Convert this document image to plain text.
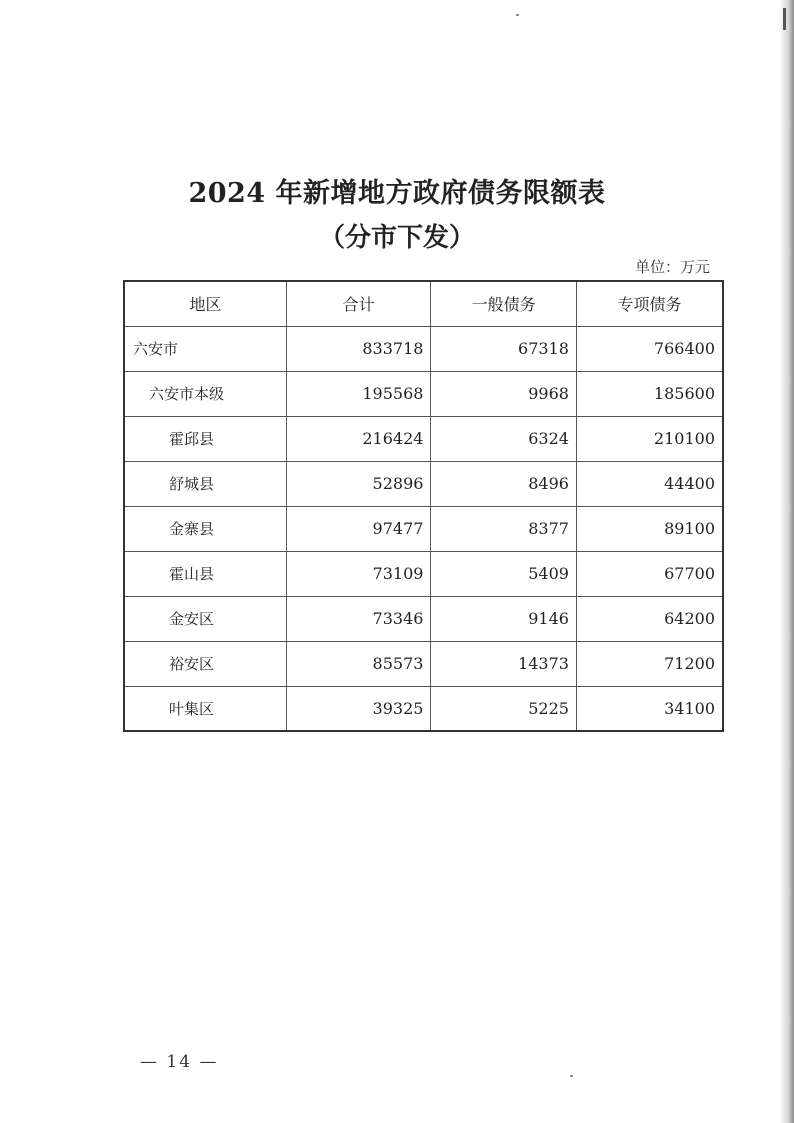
2024 年新增地方政府债务限额表
（分市下发）
单位：万元
地区	合计	一般债务	专项债务
六安市	833718	67318	766400
六安市本级	195568	9968	185600
霍邱县	216424	6324	210100
舒城县	52896	8496	44400
金寨县	97477	8377	89100
霍山县	73109	5409	67700
金安区	73346	9146	64200
裕安区	85573	14373	71200
叶集区	39325	5225	34100
— 14 —
